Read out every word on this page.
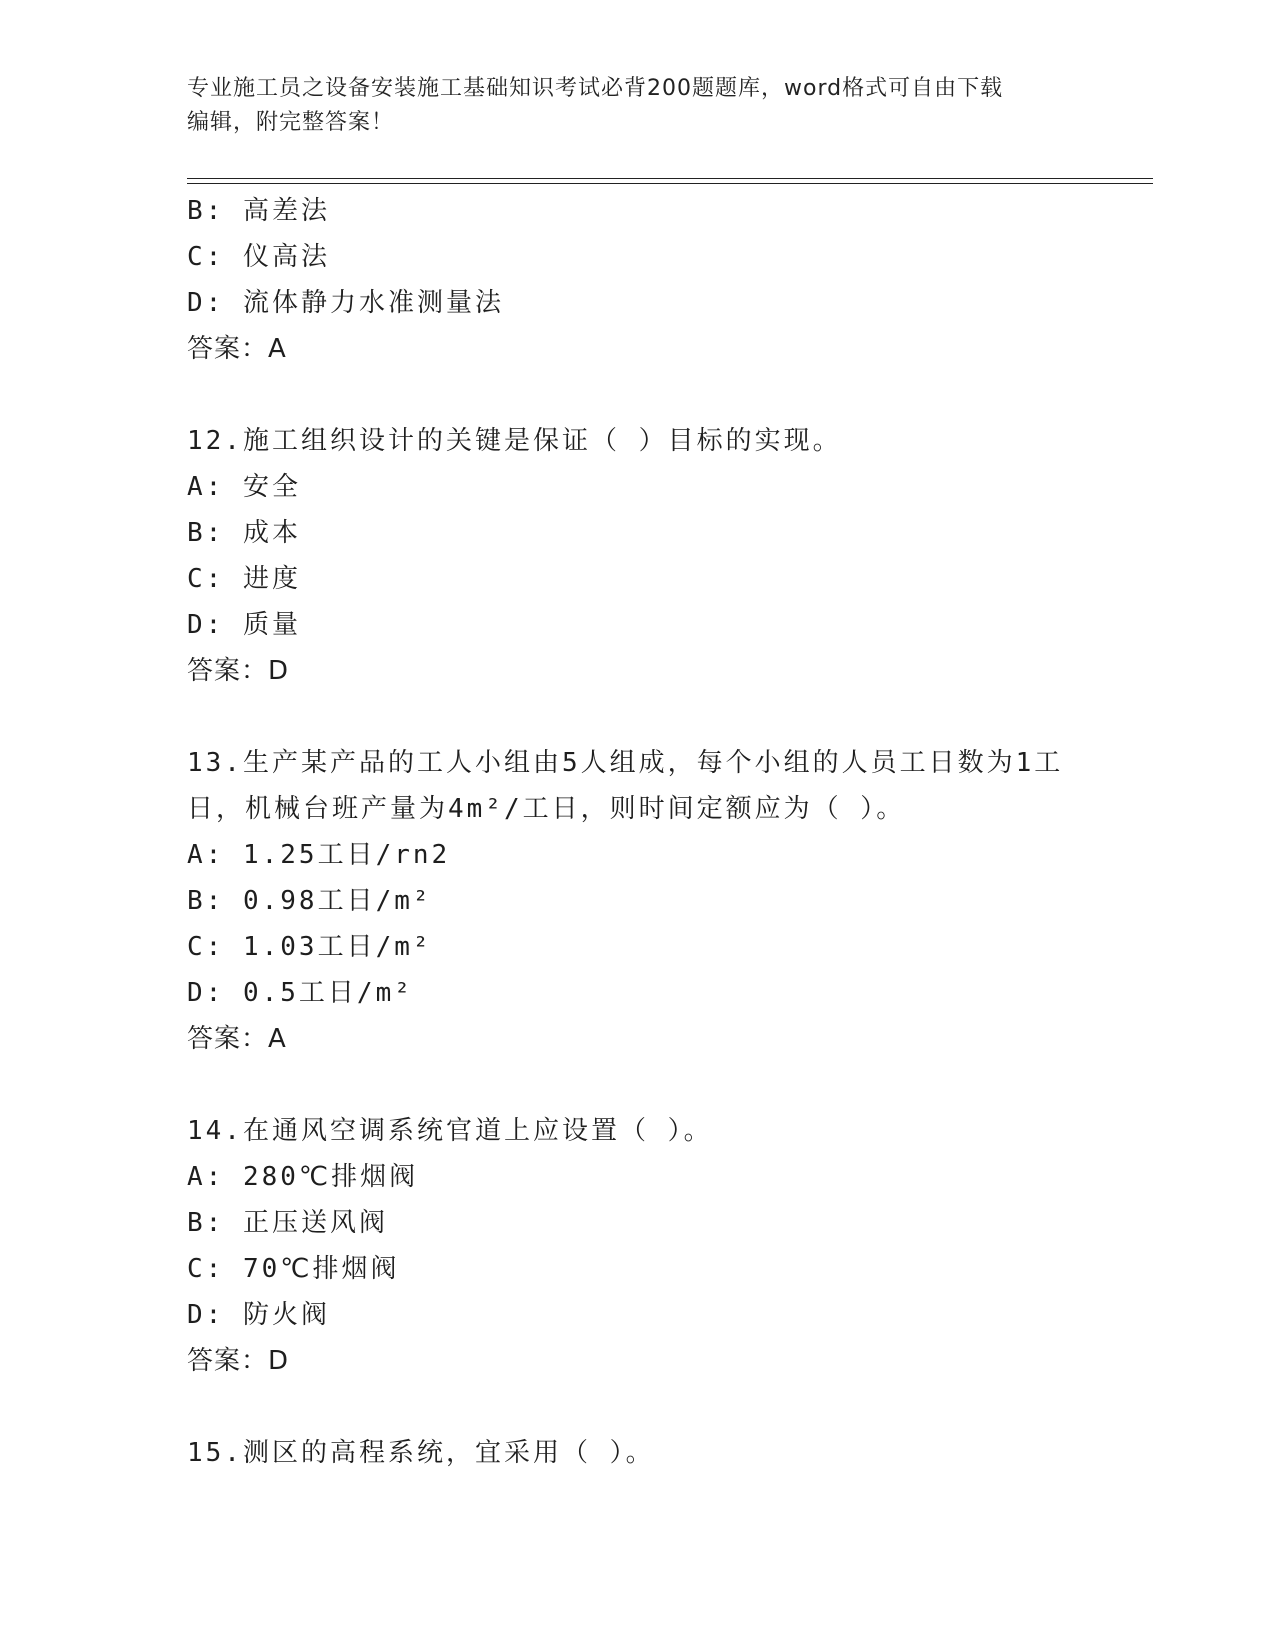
专业施工员之设备安装施工基础知识考试必背200题题库，word格式可自由下载
编辑，附完整答案！
B: 高差法
C: 仪高法
D: 流体静力水准测量法
答案：A
12.施工组织设计的关键是保证（ ）目标的实现。
A: 安全
B: 成本
C: 进度
D: 质量
答案：D
13.生产某产品的工人小组由5人组成，每个小组的人员工日数为1工
日，机械台班产量为4m²/工日，则时间定额应为（ ）。
A: 1.25工日/rn2
B: 0.98工日/m²
C: 1.03工日/m²
D: 0.5工日/m²
答案：A
14.在通风空调系统官道上应设置（ ）。
A: 280℃排烟阀
B: 正压送风阀
C: 70℃排烟阀
D: 防火阀
答案：D
15.测区的高程系统，宜采用（ ）。
